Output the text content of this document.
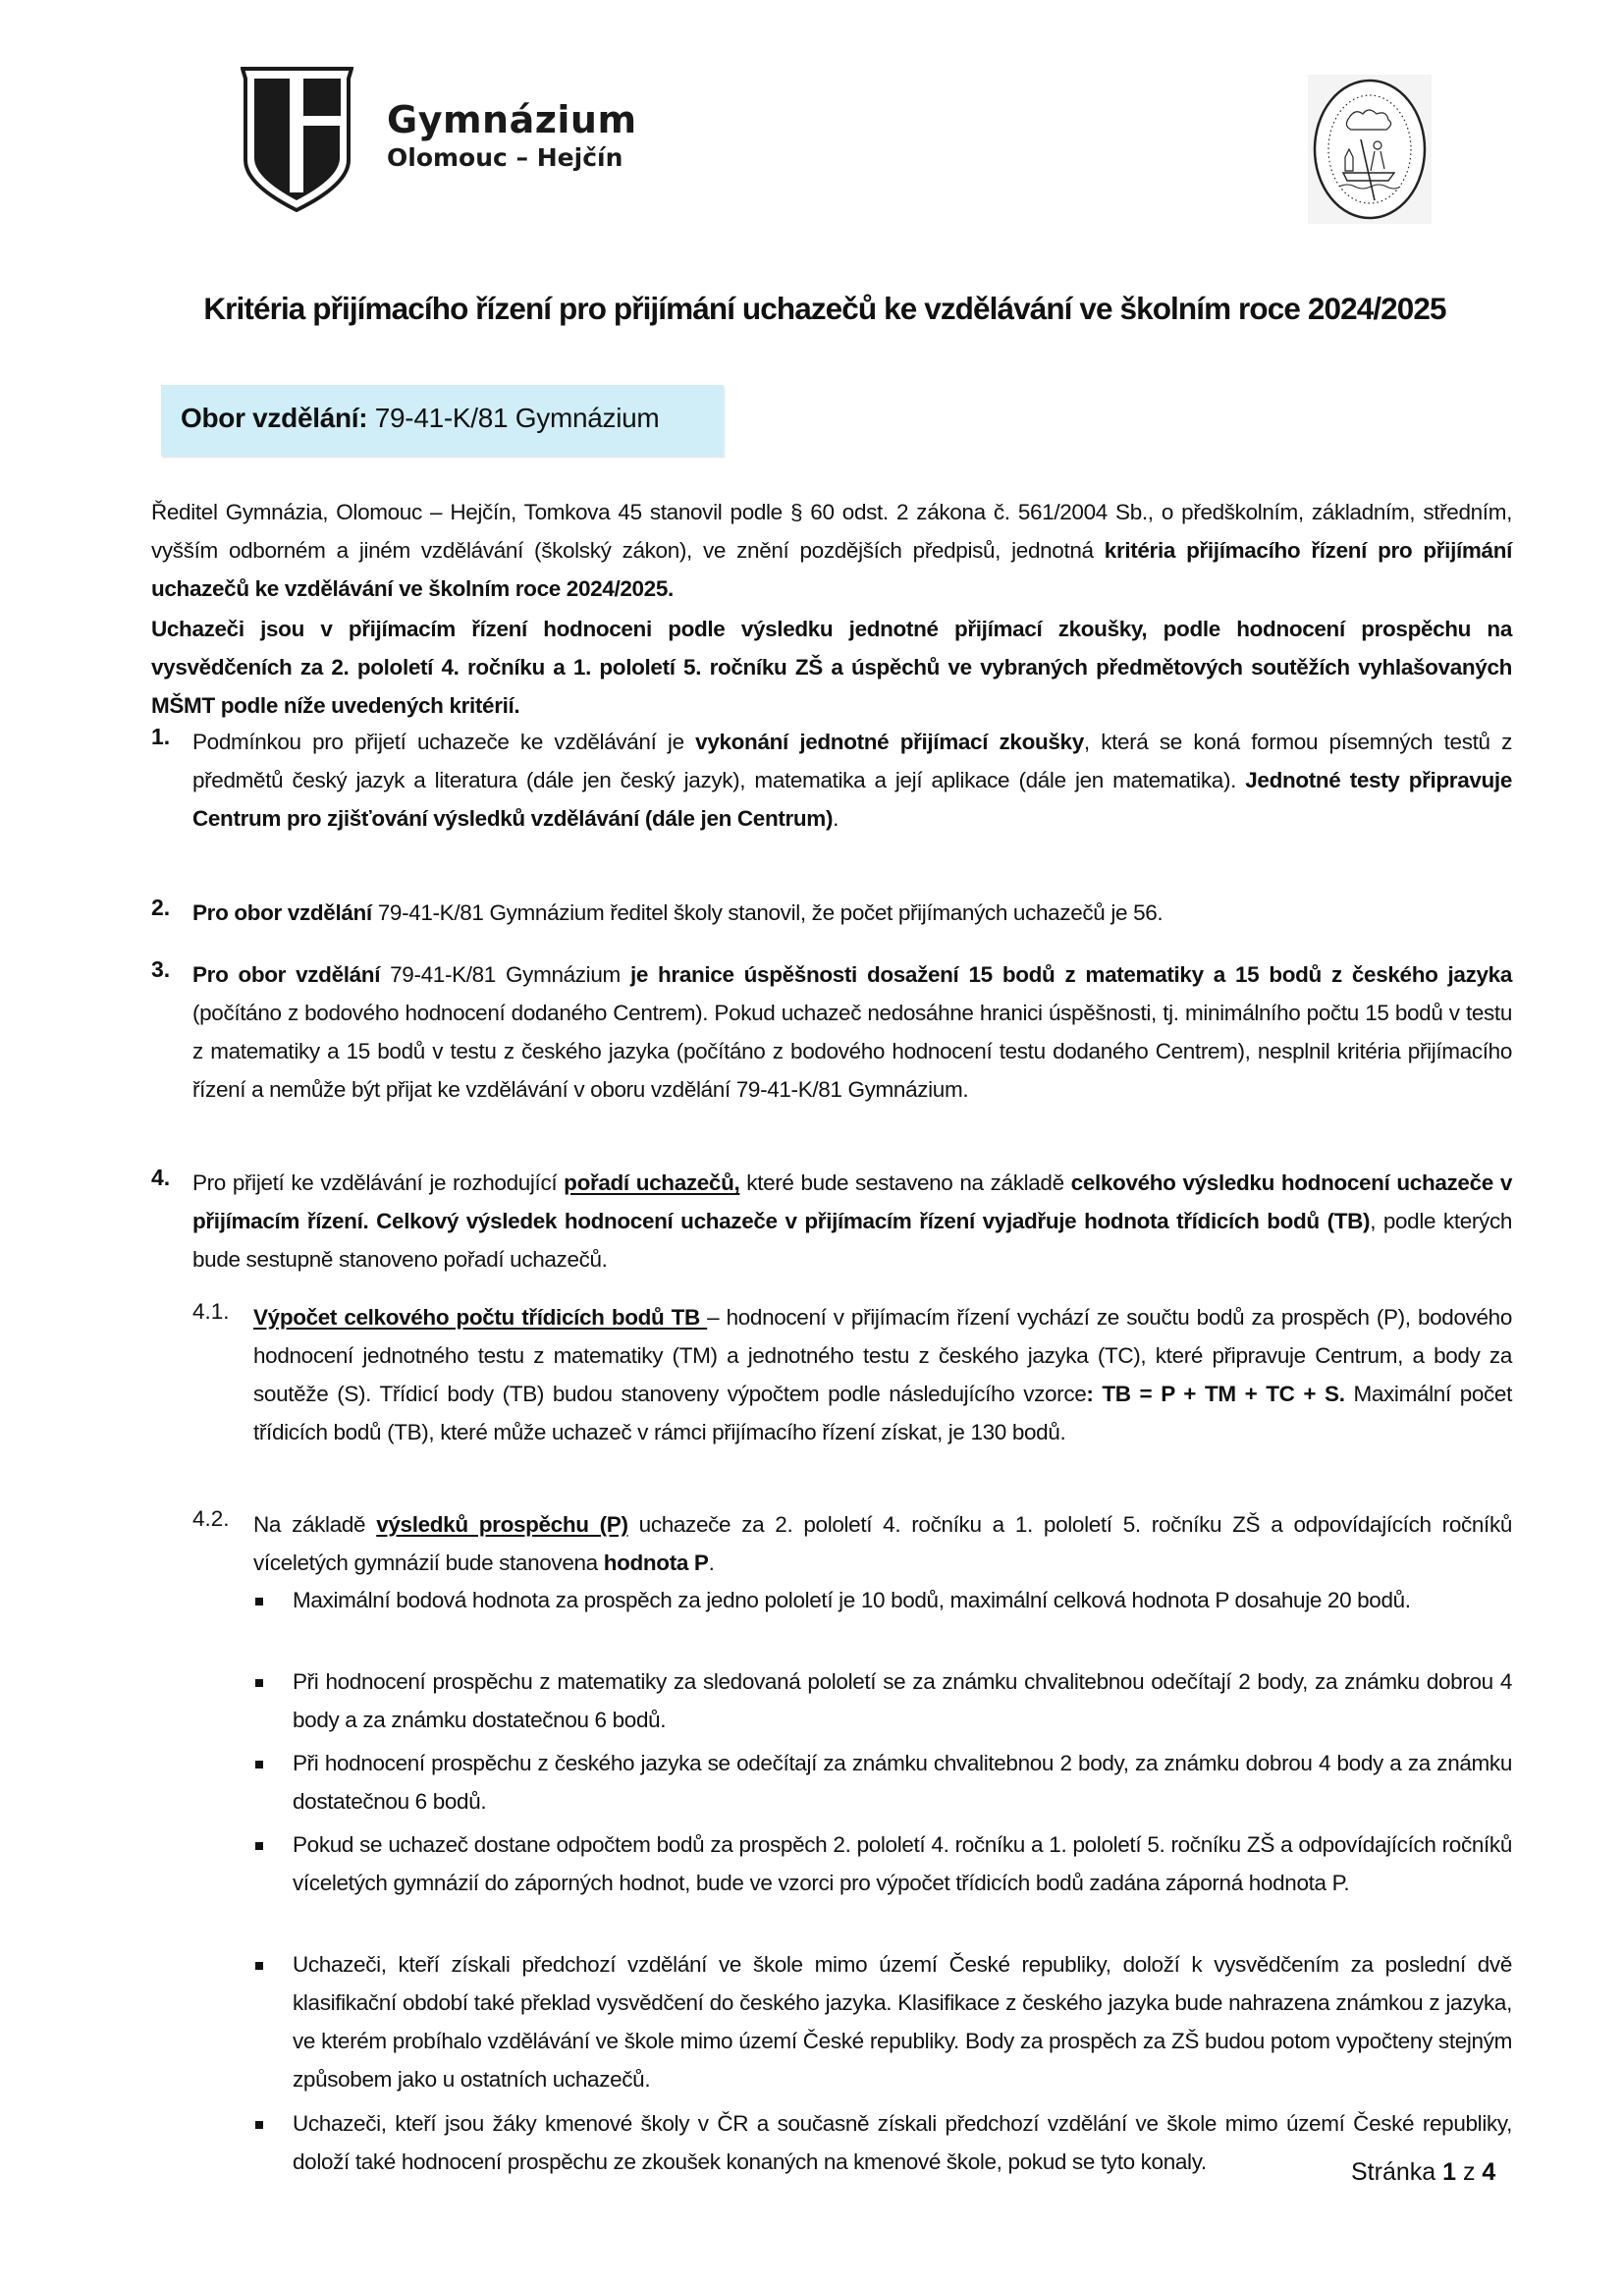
Gymnázium
Olomouc – Hejčín
Kritéria přijímacího řízení pro přijímání uchazečů ke vzdělávání ve školním roce 2024/2025
Obor vzdělání: 79-41-K/81 Gymnázium
Ředitel Gymnázia, Olomouc – Hejčín, Tomkova 45 stanovil podle § 60 odst. 2 zákona č. 561/2004 Sb., o předškolním, základním, středním, vyšším odborném a jiném vzdělávání (školský zákon), ve znění pozdějších předpisů, jednotná kritéria přijímacího řízení pro přijímání uchazečů ke vzdělávání ve školním roce 2024/2025.
Uchazeči jsou v přijímacím řízení hodnoceni podle výsledku jednotné přijímací zkoušky, podle hodnocení prospěchu na vysvědčeních za 2. pololetí 4. ročníku a 1. pololetí 5. ročníku ZŠ a úspěchů ve vybraných předmětových soutěžích vyhlašovaných MŠMT podle níže uvedených kritérií.
1. Podmínkou pro přijetí uchazeče ke vzdělávání je vykonání jednotné přijímací zkoušky, která se koná formou písemných testů z předmětů český jazyk a literatura (dále jen český jazyk), matematika a její aplikace (dále jen matematika). Jednotné testy připravuje Centrum pro zjišťování výsledků vzdělávání (dále jen Centrum).
2. Pro obor vzdělání 79-41-K/81 Gymnázium ředitel školy stanovil, že počet přijímaných uchazečů je 56.
3. Pro obor vzdělání 79-41-K/81 Gymnázium je hranice úspěšnosti dosažení 15 bodů z matematiky a 15 bodů z českého jazyka (počítáno z bodového hodnocení dodaného Centrem). Pokud uchazeč nedosáhne hranici úspěšnosti, tj. minimálního počtu 15 bodů v testu z matematiky a 15 bodů v testu z českého jazyka (počítáno z bodového hodnocení testu dodaného Centrem), nesplnil kritéria přijímacího řízení a nemůže být přijat ke vzdělávání v oboru vzdělání 79-41-K/81 Gymnázium.
4. Pro přijetí ke vzdělávání je rozhodující pořadí uchazečů, které bude sestaveno na základě celkového výsledku hodnocení uchazeče v přijímacím řízení. Celkový výsledek hodnocení uchazeče v přijímacím řízení vyjadřuje hodnota třídicích bodů (TB), podle kterých bude sestupně stanoveno pořadí uchazečů.
4.1. Výpočet celkového počtu třídicích bodů TB – hodnocení v přijímacím řízení vychází ze součtu bodů za prospěch (P), bodového hodnocení jednotného testu z matematiky (TM) a jednotného testu z českého jazyka (TC), které připravuje Centrum, a body za soutěže (S). Třídicí body (TB) budou stanoveny výpočtem podle následujícího vzorce: TB = P + TM + TC + S. Maximální počet třídicích bodů (TB), které může uchazeč v rámci přijímacího řízení získat, je 130 bodů.
4.2. Na základě výsledků prospěchu (P) uchazeče za 2. pololetí 4. ročníku a 1. pololetí 5. ročníku ZŠ a odpovídajících ročníků víceletých gymnázií bude stanovena hodnota P.
Maximální bodová hodnota za prospěch za jedno pololetí je 10 bodů, maximální celková hodnota P dosahuje 20 bodů.
Při hodnocení prospěchu z matematiky za sledovaná pololetí se za známku chvalitebnou odečítají 2 body, za známku dobrou 4 body a za známku dostatečnou 6 bodů.
Při hodnocení prospěchu z českého jazyka se odečítají za známku chvalitebnou 2 body, za známku dobrou 4 body a za známku dostatečnou 6 bodů.
Pokud se uchazeč dostane odpočtem bodů za prospěch 2. pololetí 4. ročníku a 1. pololetí 5. ročníku ZŠ a odpovídajících ročníků víceletých gymnázií do záporných hodnot, bude ve vzorci pro výpočet třídicích bodů zadána záporná hodnota P.
Uchazeči, kteří získali předchozí vzdělání ve škole mimo území České republiky, doloží k vysvědčením za poslední dvě klasifikační období také překlad vysvědčení do českého jazyka. Klasifikace z českého jazyka bude nahrazena známkou z jazyka, ve kterém probíhalo vzdělávání ve škole mimo území České republiky. Body za prospěch za ZŠ budou potom vypočteny stejným způsobem jako u ostatních uchazečů.
Uchazeči, kteří jsou žáky kmenové školy v ČR a současně získali předchozí vzdělání ve škole mimo území České republiky, doloží také hodnocení prospěchu ze zkoušek konaných na kmenové škole, pokud se tyto konaly.	Stránka 1 z 4
